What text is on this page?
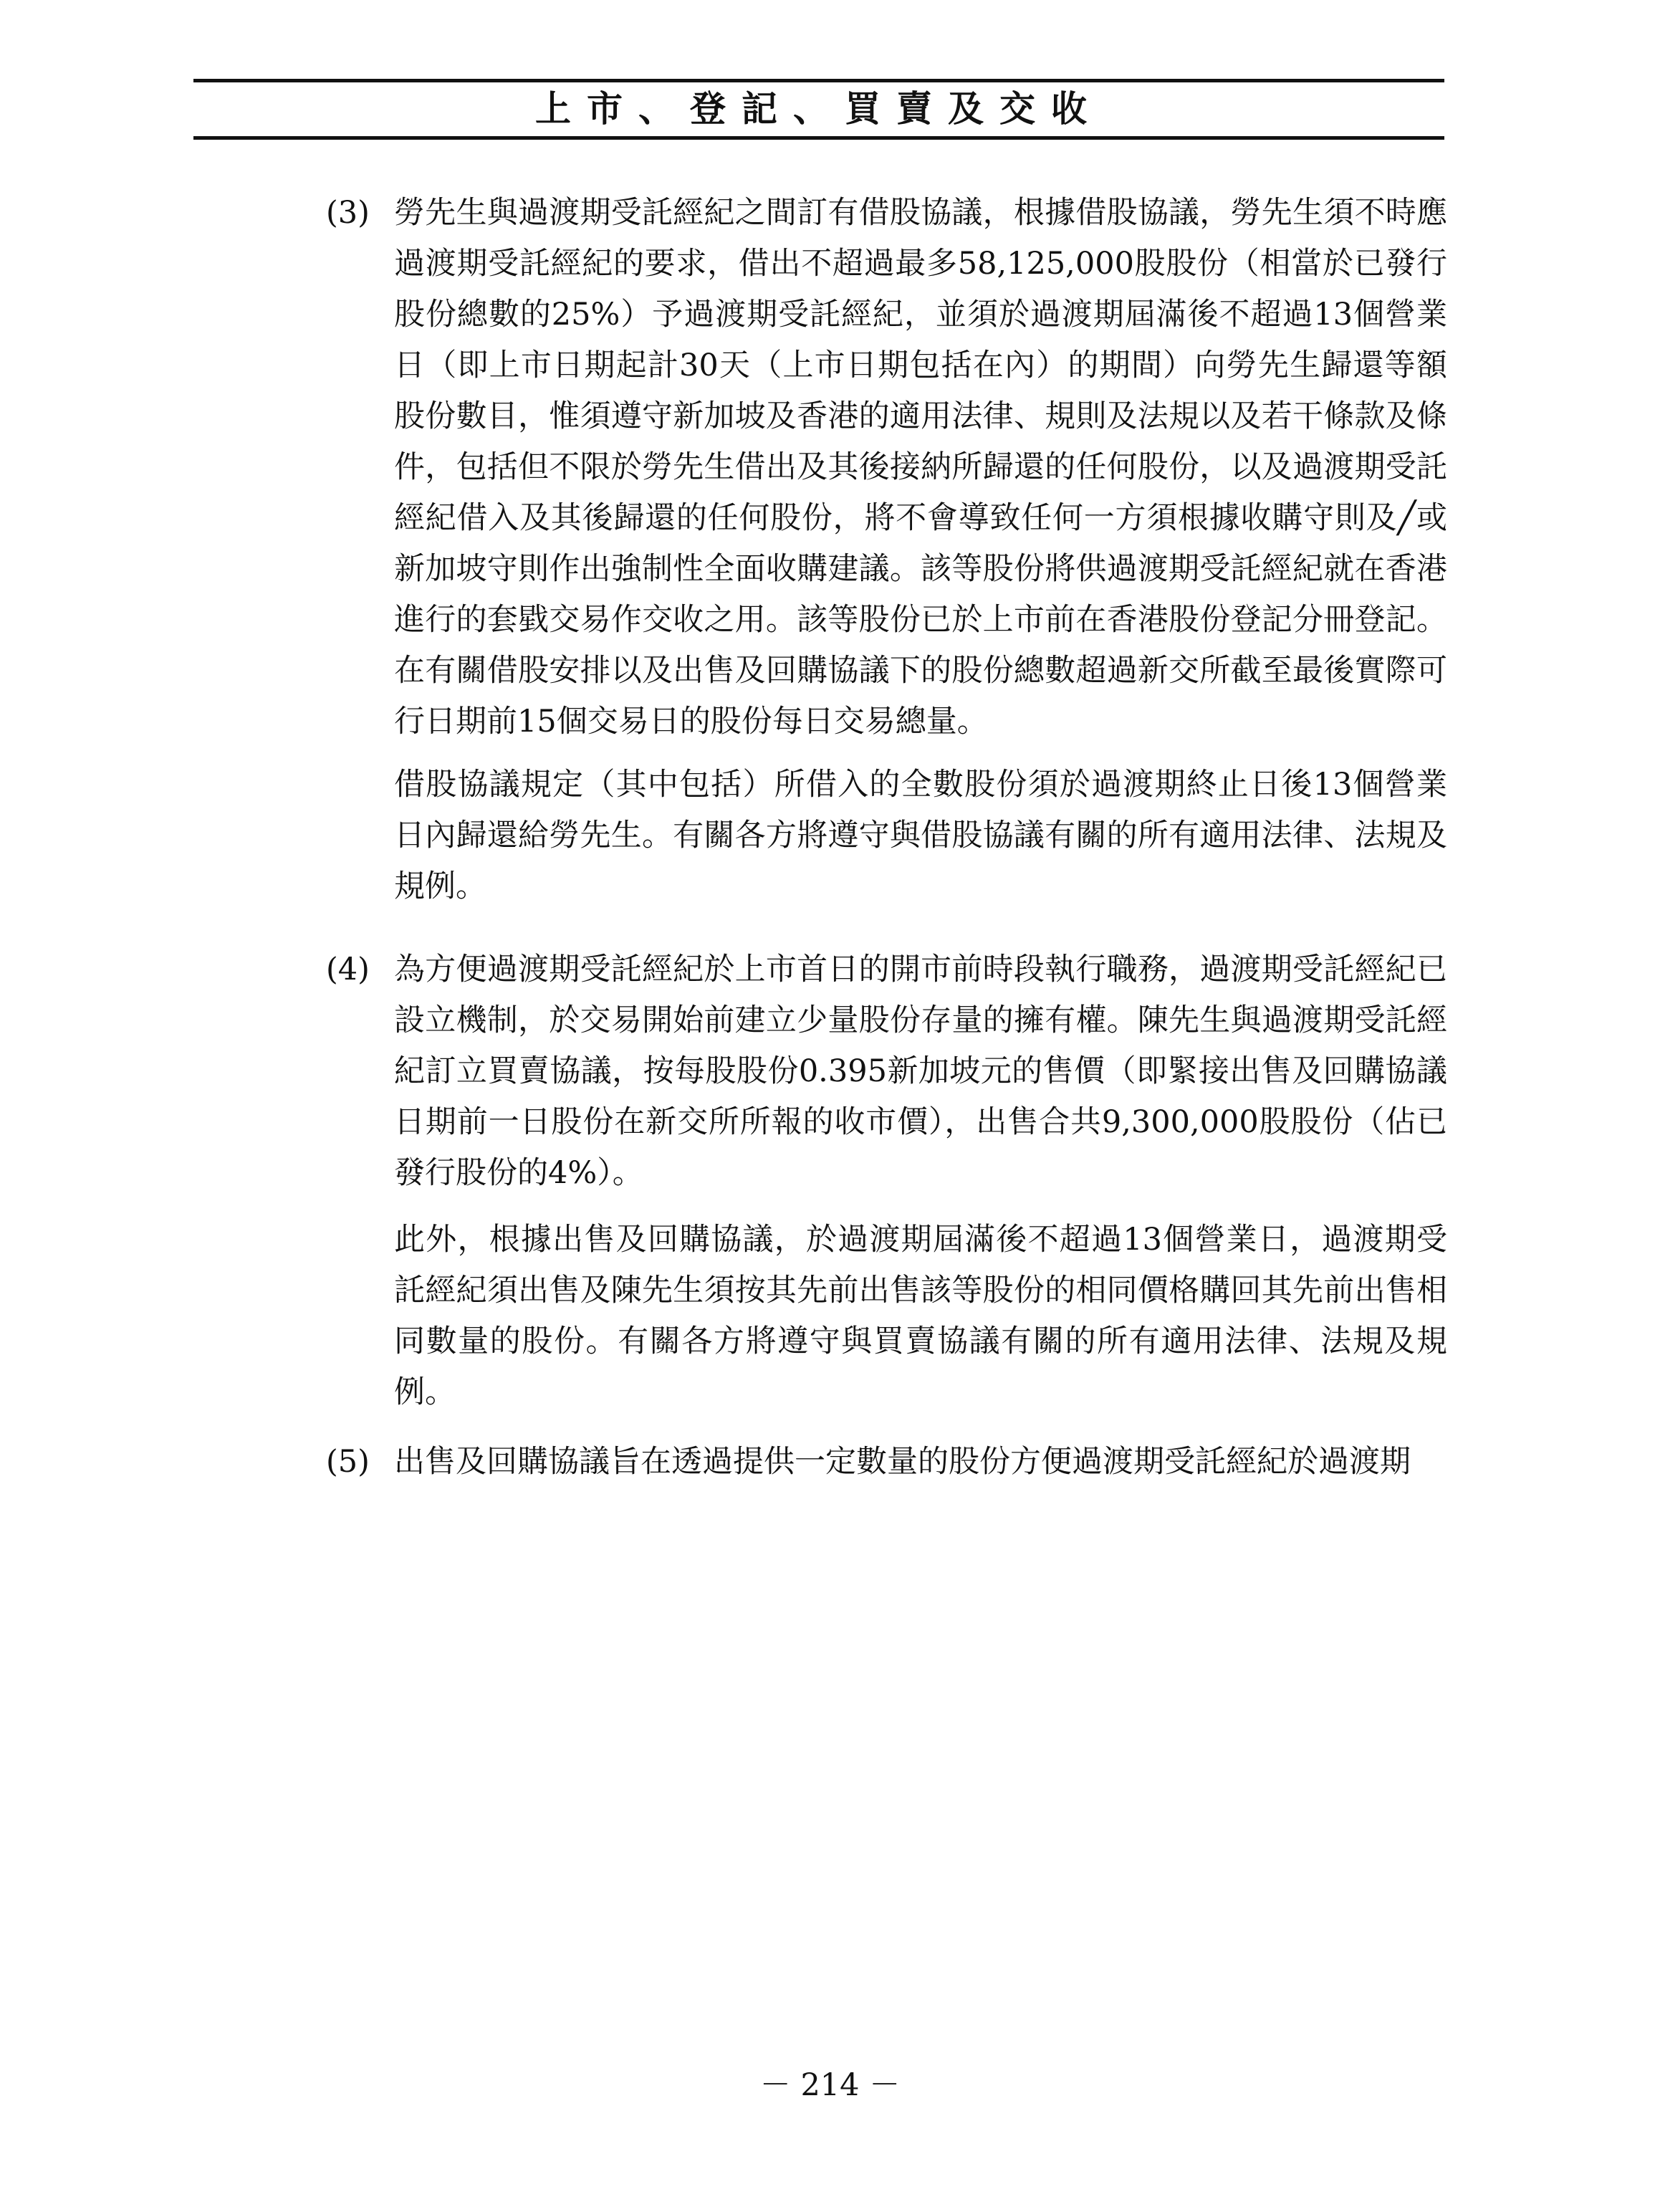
上市、登記、買賣及交收
(3) 勞先生與過渡期受託經紀之間訂有借股協議，根據借股協議，勞先生須不時應過渡期受託經紀的要求，借出不超過最多58,125,000股股份（相當於已發行股份總數的25%）予過渡期受託經紀，並須於過渡期屆滿後不超過13個營業日（即上市日期起計30天（上市日期包括在內）的期間）向勞先生歸還等額股份數目，惟須遵守新加坡及香港的適用法律、規則及法規以及若干條款及條件，包括但不限於勞先生借出及其後接納所歸還的任何股份，以及過渡期受託經紀借入及其後歸還的任何股份，將不會導致任何一方須根據收購守則及╱或新加坡守則作出強制性全面收購建議。該等股份將供過渡期受託經紀就在香港進行的套戥交易作交收之用。該等股份已於上市前在香港股份登記分冊登記。在有關借股安排以及出售及回購協議下的股份總數超過新交所截至最後實際可行日期前15個交易日的股份每日交易總量。
借股協議規定（其中包括）所借入的全數股份須於過渡期終止日後13個營業日內歸還給勞先生。有關各方將遵守與借股協議有關的所有適用法律、法規及規例。
(4) 為方便過渡期受託經紀於上市首日的開市前時段執行職務，過渡期受託經紀已設立機制，於交易開始前建立少量股份存量的擁有權。陳先生與過渡期受託經紀訂立買賣協議，按每股股份0.395新加坡元的售價（即緊接出售及回購協議日期前一日股份在新交所所報的收市價），出售合共9,300,000股股份（佔已發行股份的4%）。
此外，根據出售及回購協議，於過渡期屆滿後不超過13個營業日，過渡期受託經紀須出售及陳先生須按其先前出售該等股份的相同價格購回其先前出售相同數量的股份。有關各方將遵守與買賣協議有關的所有適用法律、法規及規例。
(5) 出售及回購協議旨在透過提供一定數量的股份方便過渡期受託經紀於過渡期
－ 214 －
